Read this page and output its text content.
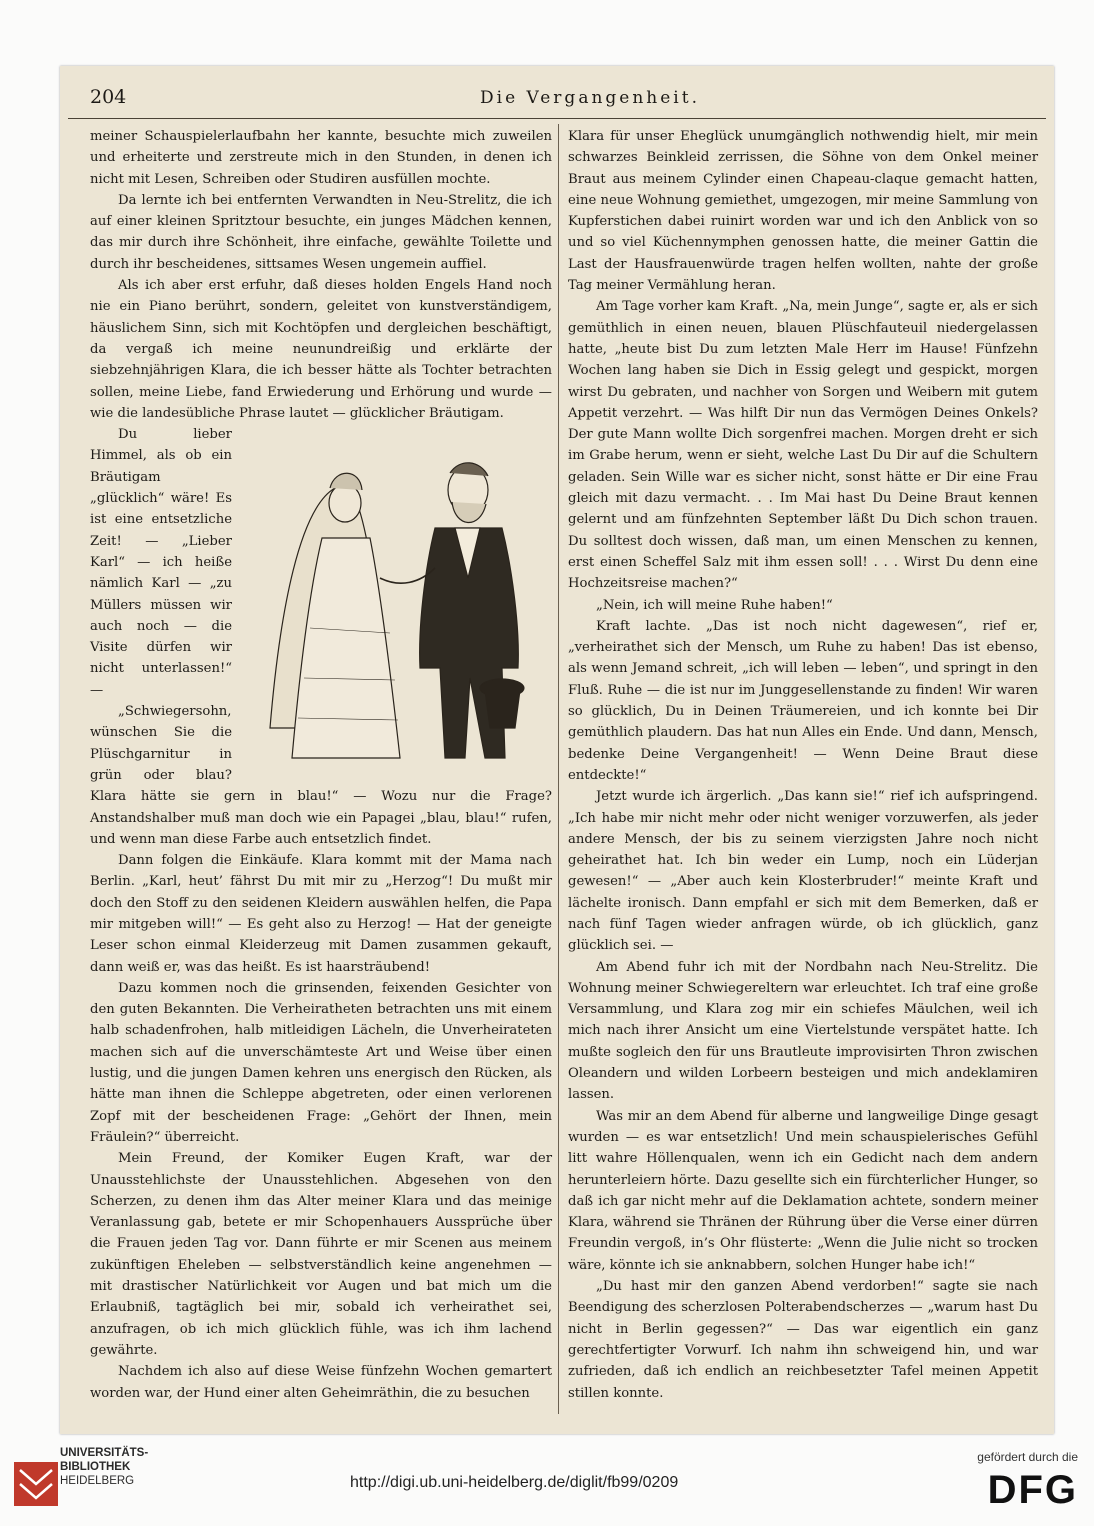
204	Die Vergangenheit.

meiner Schauspielerlaufbahn her kannte, besuchte mich zuweilen und erheiterte und zerstreute mich in den Stunden, in denen ich nicht mit Lesen, Schreiben oder Studiren ausfüllen mochte.

Da lernte ich bei entfernten Verwandten in Neu-Strelitz, die ich auf einer kleinen Spritztour besuchte, ein junges Mädchen kennen, das mir durch ihre Schönheit, ihre einfache, gewählte Toilette und durch ihr bescheidenes, sittsames Wesen ungemein auffiel.

Als ich aber erst erfuhr, daß dieses holden Engels Hand noch nie ein Piano berührt, sondern, geleitet von kunstverständigem, häuslichem Sinn, sich mit Kochtöpfen und dergleichen beschäftigt, da vergaß ich meine neunundreißig und erklärte der siebzehnjährigen Klara, die ich besser hätte als Tochter betrachten sollen, meine Liebe, fand Erwiederung und Erhörung und wurde — wie die landesübliche Phrase lautet — glücklicher Bräutigam.

Du lieber Himmel, als ob ein Bräutigam „glücklich“ wäre! Es ist eine entsetzliche Zeit! — „Lieber Karl“ — ich heiße nämlich Karl — „zu Müllers müssen wir auch noch — die Visite dürfen wir nicht unterlassen!“ —

„Schwiegersohn, wünschen Sie die Plüschgarnitur in grün oder blau? Klara hätte sie gern in blau!“ — Wozu nur die Frage? Anstandshalber muß man doch wie ein Papagei „blau, blau!“ rufen, und wenn man diese Farbe auch entsetzlich findet.

Dann folgen die Einkäufe. Klara kommt mit der Mama nach Berlin. „Karl, heut’ fährst Du mit mir zu „Herzog“! Du mußt mir doch den Stoff zu den seidenen Kleidern auswählen helfen, die Papa mir mitgeben will!“ — Es geht also zu Herzog! — Hat der geneigte Leser schon einmal Kleiderzeug mit Damen zusammen gekauft, dann weiß er, was das heißt. Es ist haarsträubend!

Dazu kommen noch die grinsenden, feixenden Gesichter von den guten Bekannten. Die Verheiratheten betrachten uns mit einem halb schadenfrohen, halb mitleidigen Lächeln, die Unverheirateten machen sich auf die unverschämteste Art und Weise über einen lustig, und die jungen Damen kehren uns energisch den Rücken, als hätte man ihnen die Schleppe abgetreten, oder einen verlorenen Zopf mit der bescheidenen Frage: „Gehört der Ihnen, mein Fräulein?“ überreicht.

Mein Freund, der Komiker Eugen Kraft, war der Unausstehlichste der Unausstehlichen. Abgesehen von den Scherzen, zu denen ihm das Alter meiner Klara und das meinige Veranlassung gab, betete er mir Schopenhauers Aussprüche über die Frauen jeden Tag vor. Dann führte er mir Scenen aus meinem zukünftigen Eheleben — selbstverständlich keine angenehmen — mit drastischer Natürlichkeit vor Augen und bat mich um die Erlaubniß, tagtäglich bei mir, sobald ich verheirathet sei, anzufragen, ob ich mich glücklich fühle, was ich ihm lachend gewährte.

Nachdem ich also auf diese Weise fünfzehn Wochen gemartert worden war, der Hund einer alten Geheimräthin, die zu besuchen

Klara für unser Eheglück unumgänglich nothwendig hielt, mir mein schwarzes Beinkleid zerrissen, die Söhne von dem Onkel meiner Braut aus meinem Cylinder einen Chapeau-claque gemacht hatten, eine neue Wohnung gemiethet, umgezogen, mir meine Sammlung von Kupferstichen dabei ruinirt worden war und ich den Anblick von so und so viel Küchennymphen genossen hatte, die meiner Gattin die Last der Hausfrauenwürde tragen helfen wollten, nahte der große Tag meiner Vermählung heran.

Am Tage vorher kam Kraft. „Na, mein Junge“, sagte er, als er sich gemüthlich in einen neuen, blauen Plüschfauteuil niedergelassen hatte, „heute bist Du zum letzten Male Herr im Hause! Fünfzehn Wochen lang haben sie Dich in Essig gelegt und gespickt, morgen wirst Du gebraten, und nachher von Sorgen und Weibern mit gutem Appetit verzehrt. — Was hilft Dir nun das Vermögen Deines Onkels? Der gute Mann wollte Dich sorgenfrei machen. Morgen dreht er sich im Grabe herum, wenn er sieht, welche Last Du Dir auf die Schultern geladen. Sein Wille war es sicher nicht, sonst hätte er Dir eine Frau gleich mit dazu vermacht. . . Im Mai hast Du Deine Braut kennen gelernt und am fünfzehnten September läßt Du Dich schon trauen. Du solltest doch wissen, daß man, um einen Menschen zu kennen, erst einen Scheffel Salz mit ihm essen soll! . . . Wirst Du denn eine Hochzeitsreise machen?“

„Nein, ich will meine Ruhe haben!“

Kraft lachte. „Das ist noch nicht dagewesen“, rief er, „verheirathet sich der Mensch, um Ruhe zu haben! Das ist ebenso, als wenn Jemand schreit, „ich will leben — leben“, und springt in den Fluß. Ruhe — die ist nur im Junggesellenstande zu finden! Wir waren so glücklich, Du in Deinen Träumereien, und ich konnte bei Dir gemüthlich plaudern. Das hat nun Alles ein Ende. Und dann, Mensch, bedenke Deine Vergangenheit! — Wenn Deine Braut diese entdeckte!“

Jetzt wurde ich ärgerlich. „Das kann sie!“ rief ich aufspringend. „Ich habe mir nicht mehr oder nicht weniger vorzuwerfen, als jeder andere Mensch, der bis zu seinem vierzigsten Jahre noch nicht geheirathet hat. Ich bin weder ein Lump, noch ein Lüderjan gewesen!“ — „Aber auch kein Klosterbruder!“ meinte Kraft und lächelte ironisch. Dann empfahl er sich mit dem Bemerken, daß er nach fünf Tagen wieder anfragen würde, ob ich glücklich, ganz glücklich sei. —

Am Abend fuhr ich mit der Nordbahn nach Neu-Strelitz. Die Wohnung meiner Schwiegereltern war erleuchtet. Ich traf eine große Versammlung, und Klara zog mir ein schiefes Mäulchen, weil ich mich nach ihrer Ansicht um eine Viertelstunde verspätet hatte. Ich mußte sogleich den für uns Brautleute improvisirten Thron zwischen Oleandern und wilden Lorbeern besteigen und mich andeklamiren lassen.

Was mir an dem Abend für alberne und langweilige Dinge gesagt wurden — es war entsetzlich! Und mein schauspielerisches Gefühl litt wahre Höllenqualen, wenn ich ein Gedicht nach dem andern herunterleiern hörte. Dazu gesellte sich ein fürchterlicher Hunger, so daß ich gar nicht mehr auf die Deklamation achtete, sondern meiner Klara, während sie Thränen der Rührung über die Verse einer dürren Freundin vergoß, in’s Ohr flüsterte: „Wenn die Julie nicht so trocken wäre, könnte ich sie anknabbern, solchen Hunger habe ich!“

„Du hast mir den ganzen Abend verdorben!“ sagte sie nach Beendigung des scherzlosen Polterabendscherzes — „warum hast Du nicht in Berlin gegessen?“ — Das war eigentlich ein ganz gerechtfertigter Vorwurf. Ich nahm ihn schweigend hin, und war zufrieden, daß ich endlich an reichbesetzter Tafel meinen Appetit stillen konnte.

UNIVERSITÄTS-
BIBLIOTHEK
HEIDELBERG	http://digi.ub.uni-heidelberg.de/diglit/fb99/0209
gefördert durch die
DFG
